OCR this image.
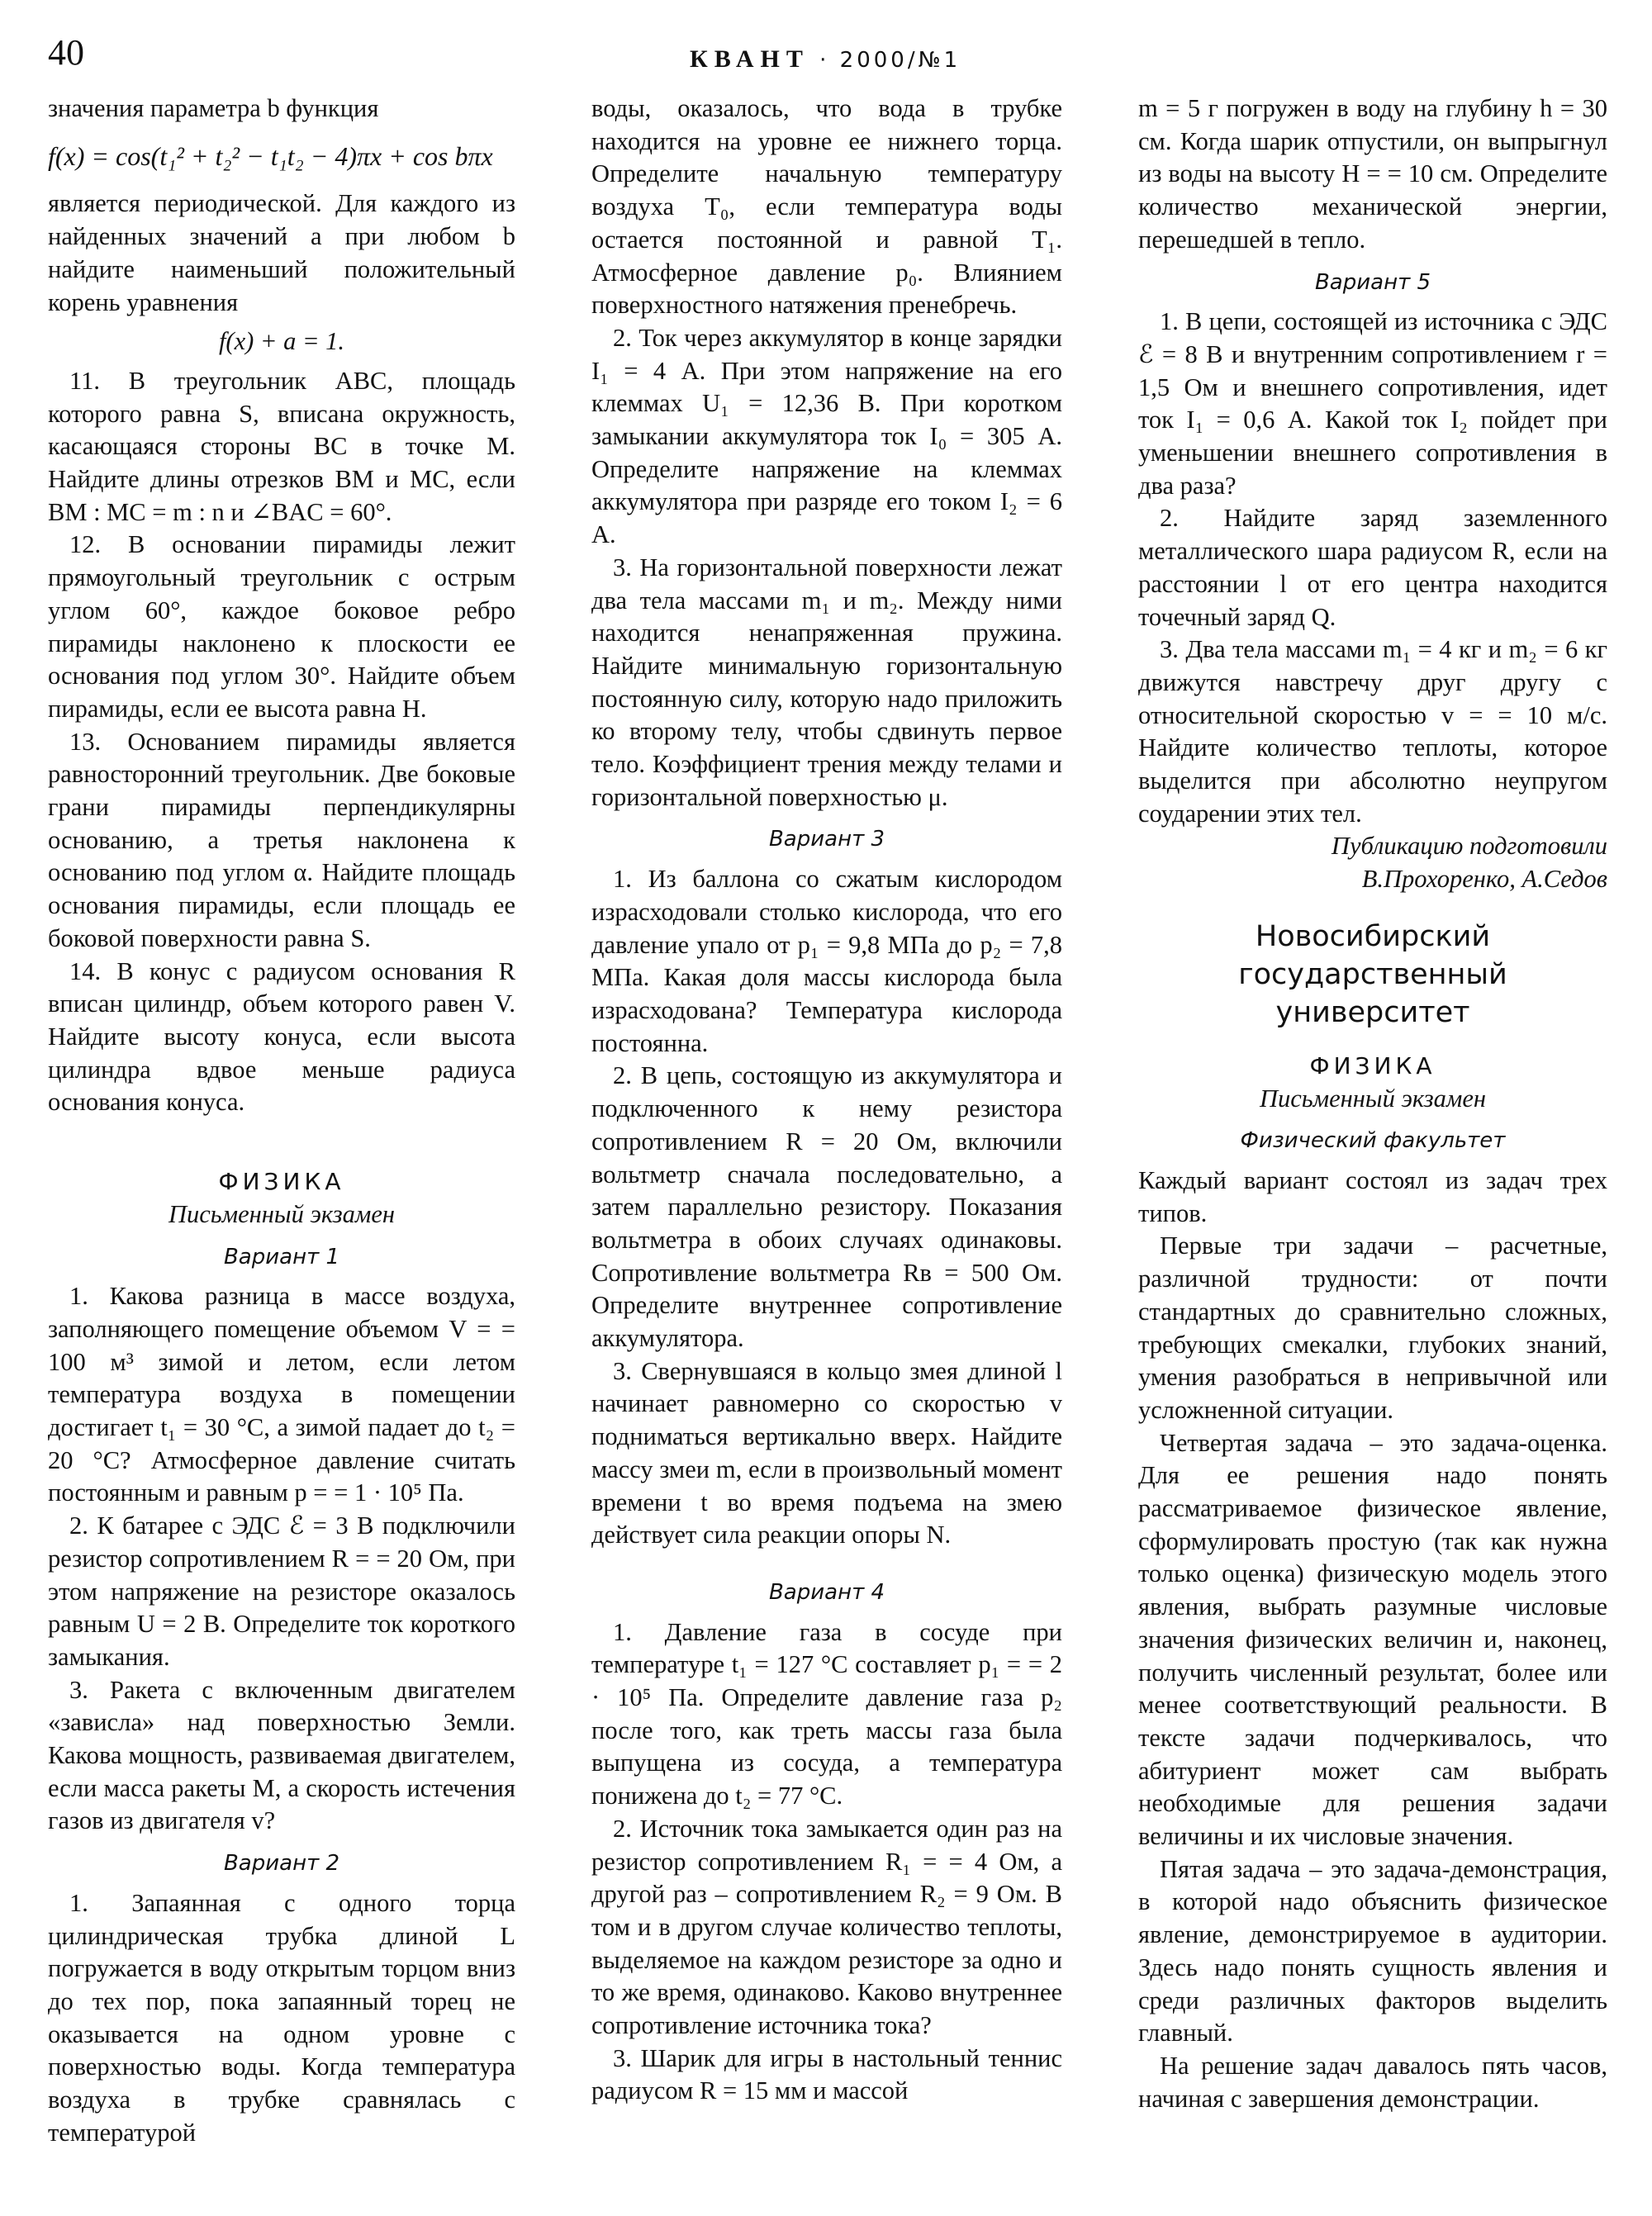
40	КВАНТ · 2000/№1

значения параметра b функция

f(x) = cos(t₁² + t₂² − t₁t₂ − 4)πx + cos bπx

является периодической. Для каждого из найденных значений a при любом b найдите наименьший положительный корень уравнения

f(x) + a = 1.

11. В треугольник ABC, площадь которого равна S, вписана окружность, касающаяся стороны BC в точке M. Найдите длины отрезков BM и MC, если BM : MC = m : n и ∠BAC = 60°.

12. В основании пирамиды лежит прямоугольный треугольник с острым углом 60°, каждое боковое ребро пирамиды наклонено к плоскости ее основания под углом 30°. Найдите объем пирамиды, если ее высота равна H.

13. Основанием пирамиды является равносторонний треугольник. Две боковые грани пирамиды перпендикулярны основанию, а третья наклонена к основанию под углом α. Найдите площадь основания пирамиды, если площадь ее боковой поверхности равна S.

14. В конус с радиусом основания R вписан цилиндр, объем которого равен V. Найдите высоту конуса, если высота цилиндра вдвое меньше радиуса основания конуса.

ФИЗИКА

Письменный экзамен

Вариант 1

1. Какова разница в массе воздуха, заполняющего помещение объемом V = = 100 м³ зимой и летом, если летом температура воздуха в помещении достигает t₁ = 30 °С, а зимой падает до t₂ = 20 °С? Атмосферное давление считать постоянным и равным p = = 1 · 10⁵ Па.

2. К батарее с ЭДС ℰ = 3 В подключили резистор сопротивлением R = = 20 Ом, при этом напряжение на резисторе оказалось равным U = 2 В. Определите ток короткого замыкания.

3. Ракета с включенным двигателем «зависла» над поверхностью Земли. Какова мощность, развиваемая двигателем, если масса ракеты M, а скорость истечения газов из двигателя v?

Вариант 2

1. Запаянная с одного торца цилиндрическая трубка длиной L погружается в воду открытым торцом вниз до тех пор, пока запаянный торец не оказывается на одном уровне с поверхностью воды. Когда температура воздуха в трубке сравнялась с температурой

воды, оказалось, что вода в трубке находится на уровне ее нижнего торца. Определите начальную температуру воздуха T₀, если температура воды остается постоянной и равной T₁. Атмосферное давление p₀. Влиянием поверхностного натяжения пренебречь.

2. Ток через аккумулятор в конце зарядки I₁ = 4 А. При этом напряжение на его клеммах U₁ = 12,36 В. При коротком замыкании аккумулятора ток I₀ = 305 А. Определите напряжение на клеммах аккумулятора при разряде его током I₂ = 6 А.

3. На горизонтальной поверхности лежат два тела массами m₁ и m₂. Между ними находится ненапряженная пружина. Найдите минимальную горизонтальную постоянную силу, которую надо приложить ко второму телу, чтобы сдвинуть первое тело. Коэффициент трения между телами и горизонтальной поверхностью μ.

Вариант 3

1. Из баллона со сжатым кислородом израсходовали столько кислорода, что его давление упало от p₁ = 9,8 МПа до p₂ = 7,8 МПа. Какая доля массы кислорода была израсходована? Температура кислорода постоянна.

2. В цепь, состоящую из аккумулятора и подключенного к нему резистора сопротивлением R = 20 Ом, включили вольтметр сначала последовательно, а затем параллельно резистору. Показания вольтметра в обоих случаях одинаковы. Сопротивление вольтметра Rв = 500 Ом. Определите внутреннее сопротивление аккумулятора.

3. Свернувшаяся в кольцо змея длиной l начинает равномерно со скоростью v подниматься вертикально вверх. Найдите массу змеи m, если в произвольный момент времени t во время подъема на змею действует сила реакции опоры N.

Вариант 4

1. Давление газа в сосуде при температуре t₁ = 127 °С составляет p₁ = = 2 · 10⁵ Па. Определите давление газа p₂ после того, как треть массы газа была выпущена из сосуда, а температура понижена до t₂ = 77 °С.

2. Источник тока замыкается один раз на резистор сопротивлением R₁ = = 4 Ом, а другой раз – сопротивлением R₂ = 9 Ом. В том и в другом случае количество теплоты, выделяемое на каждом резисторе за одно и то же время, одинаково. Каково внутреннее сопротивление источника тока?

3. Шарик для игры в настольный теннис радиусом R = 15 мм и массой

m = 5 г погружен в воду на глубину h = 30 см. Когда шарик отпустили, он выпрыгнул из воды на высоту H = = 10 см. Определите количество механической энергии, перешедшей в тепло.

Вариант 5

1. В цепи, состоящей из источника с ЭДС ℰ = 8 В и внутренним сопротивлением r = 1,5 Ом и внешнего сопротивления, идет ток I₁ = 0,6 А. Какой ток I₂ пойдет при уменьшении внешнего сопротивления в два раза?

2. Найдите заряд заземленного металлического шара радиусом R, если на расстоянии l от его центра находится точечный заряд Q.

3. Два тела массами m₁ = 4 кг и m₂ = 6 кг движутся навстречу друг другу с относительной скоростью v = = 10 м/с. Найдите количество теплоты, которое выделится при абсолютно неупругом соударении этих тел.

Публикацию подготовили

В.Прохоренко, А.Седов

Новосибирский государственный университет

ФИЗИКА

Письменный экзамен

Физический факультет

Каждый вариант состоял из задач трех типов.

Первые три задачи – расчетные, различной трудности: от почти стандартных до сравнительно сложных, требующих смекалки, глубоких знаний, умения разобраться в непривычной или усложненной ситуации.

Четвертая задача – это задача-оценка. Для ее решения надо понять рассматриваемое физическое явление, сформулировать простую (так как нужна только оценка) физическую модель этого явления, выбрать разумные числовые значения физических величин и, наконец, получить численный результат, более или менее соответствующий реальности. В тексте задачи подчеркивалось, что абитуриент может сам выбрать необходимые для решения задачи величины и их числовые значения.

Пятая задача – это задача-демонстрация, в которой надо объяснить физическое явление, демонстрируемое в аудитории. Здесь надо понять сущность явления и среди различных факторов выделить главный.

На решение задач давалось пять часов, начиная с завершения демонстрации.
